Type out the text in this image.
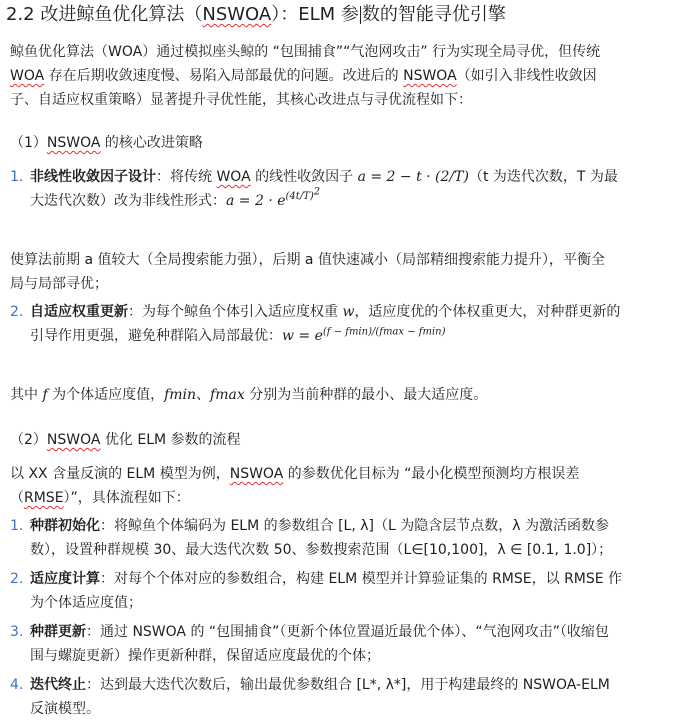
2.2 改进鲸鱼优化算法（NSWOA）：ELM 参 数的智能寻优引擎

鲸鱼优化算法（WOA）通过模拟座头鲸的 “包围捕食”“气泡网攻击” 行为实现全局寻优，但传统

WOA 存在后期收敛速度慢、易陷入局部最优的问题。改进后的 NSWOA（如引入非线性收敛因

子、自适应权重策略）显著提升寻优性能，其核心改进点与寻优流程如下：

（1）NSWOA 的核心改进策略

1. 非线性收敛因子设计：将传统 WOA 的线性收敛因子 a = 2 − t · (2/T)（t 为迭代次数，T 为最
大迭代次数）改为非线性形式：$a = 2 \cdot e^{(4t/T)^2}$

使算法前期 a 值较大（全局搜索能力强），后期 a 值快速减小（局部精细搜索能力提升），平衡全

局与局部寻优；

2. 自适应权重更新：为每个鲸鱼个体引入适应度权重 w，适应度优的个体权重更大，对种群更新的
引导作用更强，避免种群陷入局部最优：$w = e^{(f - fmin)/(fmax - fmin)}$

其中 f 为个体适应度值，fmin、fmax 分别为当前种群的最小、最大适应度。

（2）NSWOA 优化 ELM 参数的流程

以 XX 含量反演的 ELM 模型为例，NSWOA 的参数优化目标为 “最小化模型预测均方根误差

（RMSE）”，具体流程如下：

1. 种群初始化：将鲸鱼个体编码为 ELM 的参数组合 [L, λ]（L 为隐含层节点数，λ 为激活函数参
数），设置种群规模 30、最大迭代次数 50、参数搜索范围（L∈[10,100]，λ ∈ [0.1, 1.0]）；
2. 适应度计算：对每个个体对应的参数组合，构建 ELM 模型并计算验证集的 RMSE，以 RMSE 作
为个体适应度值；
3. 种群更新：通过 NSWOA 的 “包围捕食”（更新个体位置逼近最优个体）、“气泡网攻击”（收缩包
围与螺旋更新）操作更新种群，保留适应度最优的个体；
4. 迭代终止：达到最大迭代次数后，输出最优参数组合 [L*, λ*]，用于构建最终的 NSWOA-ELM
反演模型。
